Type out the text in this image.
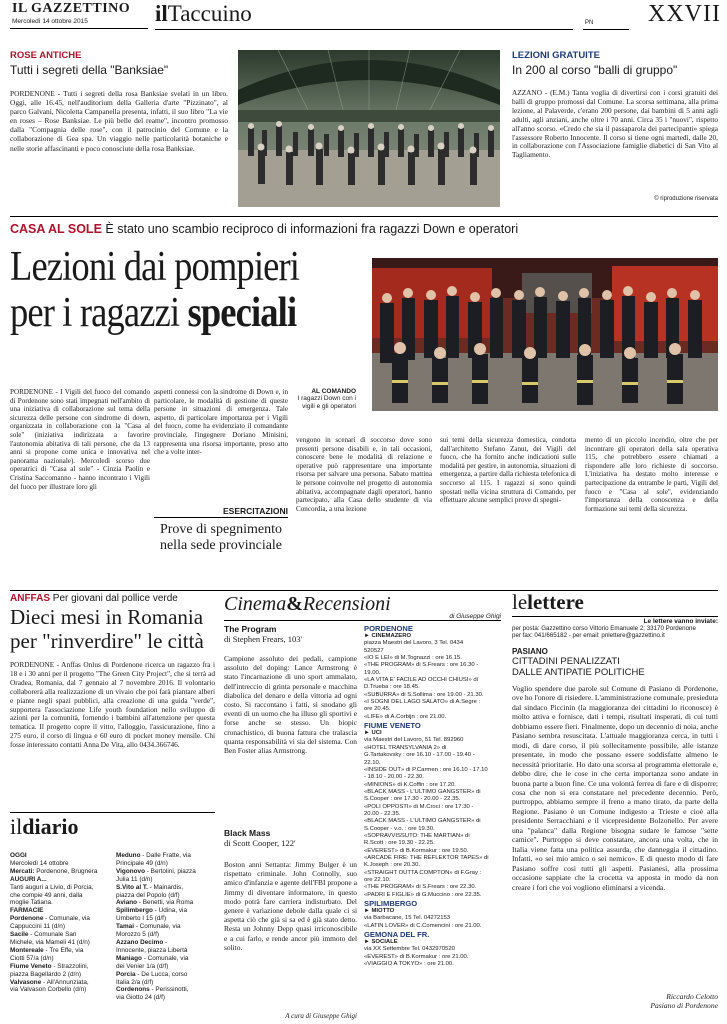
IL GAZZETTINO
Mercoledì 14 ottobre 2015	ilTaccuino	PN XXVII
ROSE ANTICHE
Tutti i segreti della "Banksiae"
PORDENONE - Tutti i segreti della rosa Banksiae svelati in un libro. Oggi, alle 16.45, nell'auditorium della Galleria d'arte "Pizzinato", al parco Galvani, Nicoletta Campanella presenta, infatti, il suo libro "La vie en roses – Rose Banksiae. Le più belle del reame", incontro promosso dalla "Compagnia delle rose", con il patrocinio del Comune e la collaborazione di Gea spa. Un viaggio nelle particolarità botaniche e nelle storie affascinanti e poco conosciute della rosa Banksiae.
LEZIONI GRATUITE
In 200 al corso "balli di gruppo"
AZZANO - (E.M.) Tanta voglia di divertirsi con i corsi gratuiti dei balli di gruppo promossi dal Comune. La scorsa settimana, alla prima lezione, al Palaverde, c'erano 200 persone, dai bambini di 5 anni agli adulti, agli anziani, anche oltre i 70 anni. Circa 35 i "nuovi", rispetto all'anno scorso. «Credo che sia il passaparola dei partecipanti» spiega l'assessore Roberto Innocente. Il corso si tiene ogni martedì, dalle 20, in collaborazione con l'Associazione famiglie diabetici di San Vito al Tagliamento.
© riproduzione riservata
CASA AL SOLE È stato uno scambio reciproco di informazioni fra ragazzi Down e operatori
Lezioni dai pompieri
per i ragazzi speciali
PORDENONE - I Vigili del fuoco del comando di Pordenone sono stati impegnati nell'ambito di una iniziativa di collaborazione sul tema della sicurezza delle persone con sindrome di down, organizzata in collaborazione con la "Casa al sole" (iniziativa indirizzata a favorire l'autonomia abitativa di tali persone, che da 13 anni si propone come unica e innovativa nel panorama nazionale). Mercoledì scorso due operatrici di "Casa al sole" - Cinzia Paolin e Cristina Saccomanno - hanno incontrato i Vigili del fuoco per illustrare loro gli
aspetti connessi con la sindrome di Down e, in particolare, le modalità di gestione di queste persone in situazioni di emergenza. Tale aspetto, di particolare importanza per i Vigili del fuoco, come ha evidenziato il comandante provinciale, l'ingegnere Doriano Minisini, rappresenta una risorsa importante, preso atto che a volte inter-
AL COMANDO
I ragazzi Down con i vigili e gli operatori
ESERCITAZIONI
Prove di spegnimento nella sede provinciale
vengono in scenari di soccorso dove sono presenti persone disabili e, in tali occasioni, conoscere bene le modalità di relazione e operative può rappresentare una importante risorsa per salvare una persona. Sabato mattina le persone coinvolte nel progetto di autonomia abitativa, accompagnate dagli operatori, hanno partecipato, alla Casa dello studente di via Concordia, a una lezione
sui temi della sicurezza domestica, condotta dall'architetto Stefano Zanut, dei Vigili del fuoco, che ha fornito anche indicazioni sulle modalità per gestire, in autonomia, situazioni di emergenza, a partire dalla richiesta telefonica di soccorso al 115. I ragazzi si sono quindi spostati nella vicina struttura di Comando, per effettuare alcune semplici prove di spegni-
mento di un piccolo incendio, oltre che per incontrare gli operatori della sala operativa 115, che potrebbero essere chiamati a rispondere alle loro richieste di soccorso. L'iniziativa ha destato molto interesse e partecipazione da entrambe le parti, Vigili del fuoco e "Casa al sole", evidenziando l'importanza della conoscenza e della formazione sui temi della sicurezza.
ANFFAS Per giovani dal pollice verde
Dieci mesi in Romania
per "rinverdire" le città
PORDENONE - Anffas Onlus di Pordenone ricerca un ragazzo fra i 18 e i 30 anni per il progetto "The Green City Project", che si terrà ad Oradea, Romania, dal 7 gennaio al 7 novembre 2016. Il volontario collaborerà alla realizzazione di un vivaio che poi farà piantare alberi e piante negli spazi pubblici, alla creazione di una guida "verde", supportera l'associazione Life youth foundation nello sviluppo di azioni per la comunità, fornendo i bambini all'attenzione per questa tematica. Il progetto copre il vitto, l'alloggio, l'assicurazione, fino a 275 euro, il corso di lingua e 60 euro di pocket money mensile. Chi fosse interessato contatti Anna De Vita, allo 0434.366746.
ildiario
OGGI
Mercoledì 14 ottobre
Mercati: Pordenone, Brugnera
AUGURI A...
Tanti auguri a Livio, di Porcia,
che compie 49 anni, dalla
moglie Tatiana.
FARMACIE
Pordenone - Comunale, via
Cappuccini 11 (d/n)
Sacile - Comunale San
Michele, via Mameli 41 (d/n)
Montereale - Tre Effe, via
Ciotti 57/a (d/n)
Fiume Veneto - Strazzolini,
piazza Bagellardo 2 (d/n)
Valvasone - All'Annunziata,
via Valvason Corbello (d/n)
Meduno - Dalle Fratte, via
Principale 49 (d/n)
Vigonovo - Bertolini, piazza
Julia 11 (d/n)
S.Vito al T. - Mainardis,
piazza del Popolo (d/f)
Aviano - Benetti, via Roma
Spilimbergo - Udina, via
Umberto I 15 (d/f)
Tamai - Comunale, via
Morozzo 5 (d/f)
Azzano Decimo -
Innocente, piazza Libertà
Maniago - Comunale, via
dei Venier 1/a (d/f)
Porcia - De Lucca, corso
Italia 2/a (d/f)
Cordenons - Perissinotti,
via Giotto 24 (d/f)
Cinema&Recensioni
di Giuseppe Ghigi
The Program
di Stephen Frears, 103'
Campione assoluto dei pedali, campione assoluto del doping: Lance Armstrong è stato l'incarnazione di uno sport ammalato, dell'intreccio di grinta personale e macchina diabolica del denaro e della vittoria ad ogni costo. Si raccontano i fatti, si snodano gli eventi di un uomo che ha illuso gli sportivi e forse anche se stesso. Un biopic cronachistico, di buona fattura che tralascia quanta responsabilità vi sia del sistema. Con Ben Foster alias Armstrong.
Black Mass
di Scott Cooper, 122'
Boston anni Settanta: Jimmy Bulger è un rispettato criminale. John Connolly, suo amico d'infanzia e agente dell'FBI propone a Jimmy di diventare informatore, in questo modo potrà fare carriera indisturbato. Del genere è variazione debole dalla quale ci si aspetta ciò che già si sa ed è già stato detto. Resta un Johnny Depp quasi irriconoscibile e a cui farlo, e rende ancor più immoto del solito.
A cura di Giuseppe Ghigi
PORDENONE
► CINEMAZERO
piazza Maestri del Lavoro, 3 Tel. 0434
520527
«IO E LEI» di M.Tognazzi : ore 16.15.
«THE PROGRAM» di S.Frears : ore 16.30 -
19.00.
«LA VITA E' FACILE AD OCCHI CHIUSI» di
D.Trueba : ore 18.45.
«SUBURRA» di S.Sollima : ore 19.00 - 21.30.
«I SOGNI DEL LAGO SALATO» di A.Segre :
ore 20.45.
«LIFE» di A.Corbijn : ore 21.00.
FIUME VENETO
► UCI
via Maestri del Lavoro, 51 Tel. 892960
«HOTEL TRANSYLVANIA 2» di
G.Tartakovsky : ore 16.10 - 17.00 - 19.40 -
22.10.
«INSIDE OUT» di P.Carmen : ore 16.10 - 17.10
- 18.10 - 20.00 - 22.30.
«MINIONS» di K.Coffin : ore 17.20.
«BLACK MASS - L'ULTIMO GANGSTER» di
S.Cooper : ore 17.30 - 20.00 - 22.35.
«POLI OPPOSTI» di M.Croci : ore 17.30 -
20.00 - 22.35.
«BLACK MASS - L'ULTIMO GANGSTER» di
S.Cooper - v.o. : ore 19.30.
«SOPRAVVISSUTO: THE MARTIAN» di
R.Scott : ore 19.30 - 22.25.
«EVEREST» di B.Kormakur : ore 19.50.
«ARCADE FIRE: THE REFLEKTOR TAPES» di
K.Joseph : ore 20.30.
«STRAIGHT OUTTA COMPTON» di F.Gray :
ore 22.10.
«THE PROGRAM» di S.Frears : ore 22.30.
«PADRI E FIGLIE» di G.Muccino : ore 22.35.
SPILIMBERGO
► MIOTTO
via Barbacane, 15 Tel. 04272153
«LATIN LOVER» di C.Comencini : ore 21.00.
GEMONA DEL FR.
► SOCIALE
via XX Settembre Tel. 0432970520
«EVEREST» di B.Kormakur : ore 21.00.
«VIAGGIO A TOKYO» : ore 21.00.
lelettere
Le lettere vanno inviate:
per posta: Gazzettino corso Vittorio Emanuele 2; 33170 Pordenone
per fax: 041/665182 - per email: pnlettere@gazzettino.it
PASIANO
CITTADINI PENALIZZATI
DALLE ANTIPATIE POLITICHE
Voglio spendere due parole sul Comune di Pasiano di Pordenone, ove ho l'onore di risiedere. L'amministrazione comunale, presieduta dal sindaco Piccinin (la maggioranza dei cittadini lo riconosce) è molto attiva e fornisce, dati i tempi, risultati insperati, di cui tutti dobbiamo essere fieri. Finalmente, dopo un decennio di noia, anche Pasiano sembra resuscitata. L'attuale maggioranza cerca, in tutti i modi, di dare corso, il più sollecitamente possibile, alle istanze presentate, in modo che possano essere soddisfatte almeno le necessità prioritarie. Ho dato una scorsa al programma elettorale e, debbo dire, che le cose in che certa importanza sono andate in buona parte a buon fine. Ce una volontà ferrea di fare e di disporre; cosa che non si era constatare nel precedente decennio. Però, purtroppo, abbiamo sempre il freno a mano tirato, da parte della Regione. Pasiano è un Comune indigesto a Trieste e cioè alla presidente Serracchiani e il vicepresidente Bolzonello. Per avere una "palanca" dalla Regione bisogna sudare le famose "sette camice". Purtroppo si deve constatare, ancora una volta, che in Italia viene fatta una politica assurda, che danneggia il cittadino. Infatti, «o sei mio amico o sei nemico». E di questo modo di fare Pasiano soffre così tutti gli aspetti. Pasianesi, alla prossima occasione sappiate che la crocetta va apposta in modo da non creare i fori che voi vogliono eliminarsi a vicenda.
Riccardo Celotto
Pasiano di Pordenone
